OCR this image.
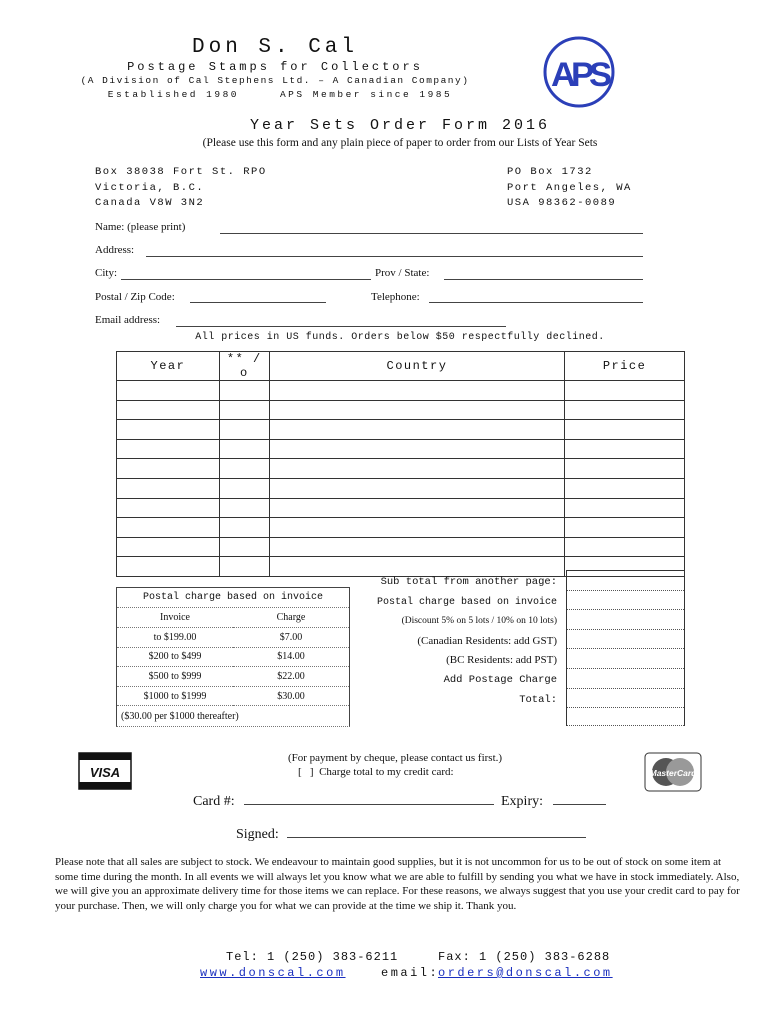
Don S. Cal
Postage Stamps for Collectors
(A Division of Cal Stephens Ltd. – A Canadian Company)
Established 1980     APS Member since 1985
APS
Year Sets Order Form 2016
(Please use this form and any plain piece of paper to order from our Lists of Year Sets
Box 38038 Fort St. RPO
Victoria, B.C.
Canada V8W 3N2
PO Box 1732
Port Angeles, WA
USA 98362-0089
Name: (please print)
Address:
City:	Prov / State:
Postal / Zip Code:	Telephone:
Email address:
All prices in US funds. Orders below $50 respectfully declined.
Year	** / o	Country	Price

Postal charge based on invoice
Invoice	Charge
to $199.00	$7.00
$200 to $499	$14.00
$500 to $999	$22.00
$1000 to $1999	$30.00
($30.00 per $1000 thereafter)	
Sub total from another page:
Postal charge based on invoice
(Discount 5% on 5 lots / 10% on 10 lots)
(Canadian Residents: add GST)
(BC Residents: add PST)
Add Postage Charge
Total:
VISA
(For payment by cheque, please contact us first.)
[   ]  Charge total to my credit card:	MasterCard
Card #:	Expiry:
Signed:
Please note that all sales are subject to stock. We endeavour to maintain good supplies, but it is not uncommon for us to be out of stock on some item at some time during the month. In all events we will always let you know what we are able to fulfill by sending you what we have in stock immediately. Also, we will give you an approximate delivery time for those items we can replace. For these reasons, we always suggest that you use your credit card to pay for your purchase. Then, we will only charge you for what we can provide at the time we ship it. Thank you.
Tel: 1 (250) 383-6211	Fax: 1 (250) 383-6288
www.donscal.com	email:
orders@donscal.com
